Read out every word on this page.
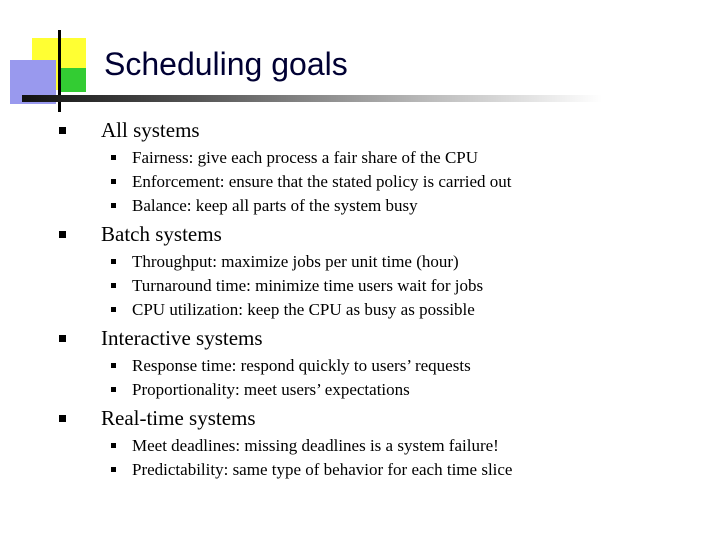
Scheduling goals
All systems
Fairness: give each process a fair share of the CPU
Enforcement: ensure that the stated policy is carried out
Balance: keep all parts of the system busy
Batch systems
Throughput: maximize jobs per unit time (hour)
Turnaround time: minimize time users wait for jobs
CPU utilization: keep the CPU as busy as possible
Interactive systems
Response time: respond quickly to users’ requests
Proportionality: meet users’ expectations
Real-time systems
Meet deadlines: missing deadlines is a system failure!
Predictability: same type of behavior for each time slice
